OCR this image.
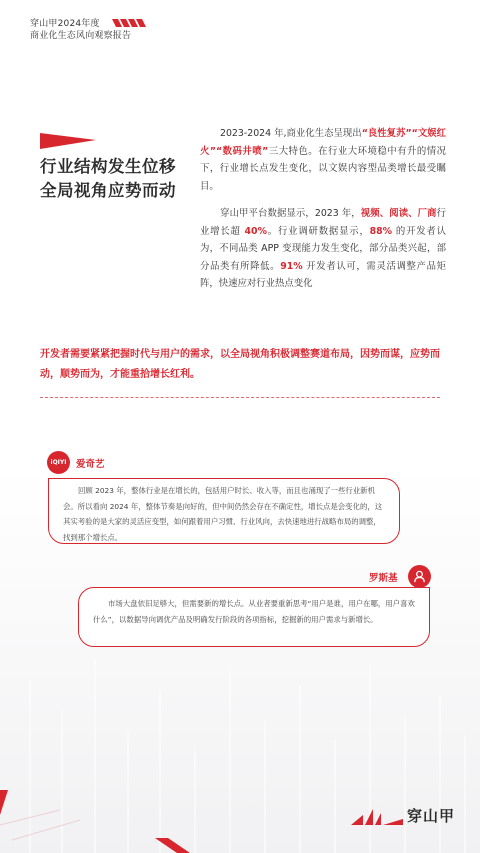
穿山甲2024年度
商业化生态风向观察报告
行业结构发生位移
全局视角应势而动
2023-2024 年,商业化生态呈现出“良性复苏”“文娱红火”“数码井喷”三大特色。在行业大环境稳中有升的情况下，行业增长点发生变化，以文娱内容型品类增长最受瞩目。
穿山甲平台数据显示，2023 年，视频、阅读、厂商行业增长超 40%。行业调研数据显示，88% 的开发者认为，不同品类 APP 变现能力发生变化，部分品类兴起，部分品类有所降低。91% 开发者认可，需灵活调整产品矩阵，快速应对行业热点变化
开发者需要紧紧把握时代与用户的需求，以全局视角积极调整赛道布局，因势而谋，应势而动，顺势而为，才能重拾增长红利。
iQIYI	爱奇艺
回顾 2023 年，整体行业是在增长的，包括用户时长、收入等，而且也涌现了一些行业新机会。所以看向 2024 年，整体节奏是向好的，但中间仍然会存在不确定性，增长点是会变化的，这其实考验的是大家的灵活应变型，如何跟着用户习惯、行业风向，去快速地进行战略布局的调整，找到那个增长点。
罗斯基
市场大盘依旧足够大，但需要新的增长点。从业者要重新思考“用户是谁，用户在哪，用户喜欢什么”，以数据导向调优产品及明确发行阶段的各项指标，挖掘新的用户需求与新增长。
穿山甲
